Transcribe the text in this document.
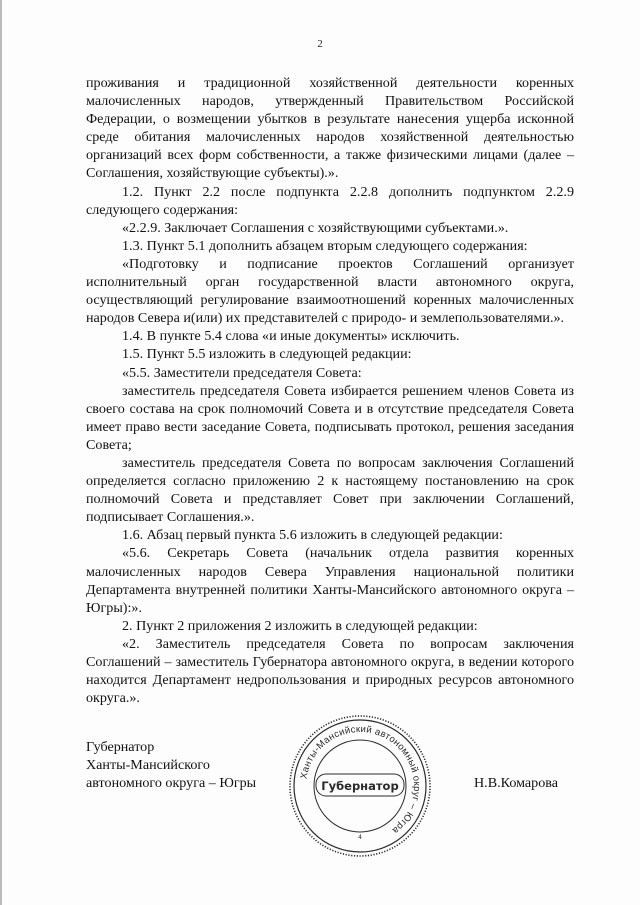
2

проживания и традиционной хозяйственной деятельности коренных малочисленных народов, утвержденный Правительством Российской Федерации, о возмещении убытков в результате нанесения ущерба исконной среде обитания малочисленных народов хозяйственной деятельностью организаций всех форм собственности, а также физическими лицами (далее – Соглашения, хозяйствующие субъекты).».

1.2. Пункт 2.2 после подпункта 2.2.8 дополнить подпунктом 2.2.9 следующего содержания:

«2.2.9. Заключает Соглашения с хозяйствующими субъектами.».

1.3. Пункт 5.1 дополнить абзацем вторым следующего содержания:

«Подготовку и подписание проектов Соглашений организует исполнительный орган государственной власти автономного округа, осуществляющий регулирование взаимоотношений коренных малочисленных народов Севера и(или) их представителей с природо- и землепользователями.».

1.4. В пункте 5.4 слова «и иные документы» исключить.

1.5. Пункт 5.5 изложить в следующей редакции:

«5.5. Заместители председателя Совета:

заместитель председателя Совета избирается решением членов Совета из своего состава на срок полномочий Совета и в отсутствие председателя Совета имеет право вести заседание Совета, подписывать протокол, решения заседания Совета;

заместитель председателя Совета по вопросам заключения Соглашений определяется согласно приложению 2 к настоящему постановлению на срок полномочий Совета и представляет Совет при заключении Соглашений, подписывает Соглашения.».

1.6. Абзац первый пункта 5.6 изложить в следующей редакции:

«5.6. Секретарь Совета (начальник отдела развития коренных малочисленных народов Севера Управления национальной политики Департамента внутренней политики Ханты-Мансийского автономного округа – Югры):».

2. Пункт 2 приложения 2 изложить в следующей редакции:

«2. Заместитель председателя Совета по вопросам заключения Соглашений – заместитель Губернатора автономного округа, в ведении которого находится Департамент недропользования и природных ресурсов автономного округа.».

Губернатор
Ханты-Мансийского
автономного округа – Югры	Ханты-Мансийский автономный округ – Югра
Губернатор
4
Н.В.Комарова
